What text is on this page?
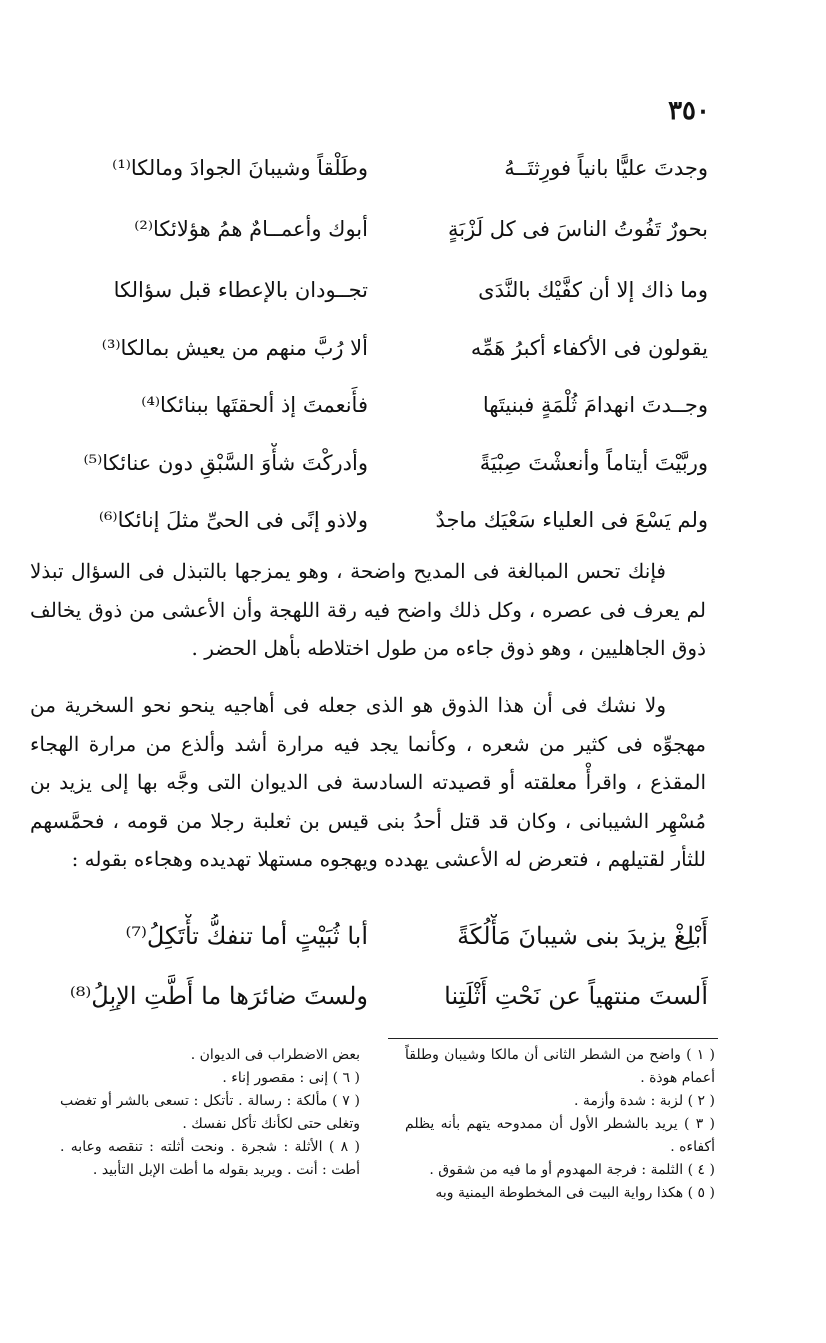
٣٥٠
وجدتَ عليًّا بانياً فورِثتَــهُ
وطَلْقاً وشيبانَ الجوادَ ومالكا⁽¹⁾
بحورٌ تَفُوتُ الناسَ فى كل لَزْبَةٍ
أبوك وأعمــامٌ همُ هؤلائكا⁽²⁾
وما ذاك إلا أن كفَّيْك بالنَّدَى
تجــودان بالإعطاء قبل سؤالكا
يقولون فى الأكفاء أكبرُ هَمِّه
ألا رُبَّ منهم من يعيش بمالكا⁽³⁾
وجــدتَ انهدامَ ثُلْمَةٍ فبنيتَها
فأَنعمتَ إذ ألحقتَها ببنائكا⁽⁴⁾
وربَّيْتَ أيتاماً وأنعشْتَ صِبْيَةً
وأدركْتَ شأْوَ السَّبْقِ دون عنائكا⁽⁵⁾
ولم يَسْعَ فى العلياء سَعْيَك ماجدٌ
ولاذو إنًى فى الحىِّ مثلَ إنائكا⁽⁶⁾

فإنك تحس المبالغة فى المديح واضحة ، وهو يمزجها بالتبذل فى السؤال تبذلا لم يعرف فى عصره ، وكل ذلك واضح فيه رقة اللهجة وأن الأعشى من ذوق يخالف ذوق الجاهليين ، وهو ذوق جاءه من طول اختلاطه بأهل الحضر .

ولا نشك فى أن هذا الذوق هو الذى جعله فى أهاجيه ينحو نحو السخرية من مهجوِّه فى كثير من شعره ، وكأنما يجد فيه مرارة أشد وألذع من مرارة الهجاء المقذع ، واقرأْ معلقته أو قصيدته السادسة فى الديوان التى وجَّه بها إلى يزيد بن مُسْهِر الشيبانى ، وكان قد قتل أحدُ بنى قيس بن ثعلبة رجلا من قومه ، فحمَّسهم للثأر لقتيلهم ، فتعرض له الأعشى يهدده ويهجوه مستهلا تهديده وهجاءه بقوله :

أَبْلِغْ يزيدَ بنى شيبانَ مَأْلُكَةً
أبا ثُبَيْتٍ أما تنفكُّ تأْتَكِلُ⁽⁷⁾
أَلستَ منتهياً عن نَحْتِ أَثْلَتِنا
ولستَ ضائرَها ما أَطَّتِ الإبِلُ⁽⁸⁾

( ١ ) واضح من الشطر الثانى أن مالكا وشيبان وطلقاً أعمام هوذة .

( ٢ ) لزبة : شدة وأزمة .

( ٣ ) يريد بالشطر الأول أن ممدوحه يتهم بأنه يظلم أكفاءه .

( ٤ ) الثلمة : فرجة المهدوم أو ما فيه من شقوق .

( ٥ ) هكذا رواية البيت فى المخطوطة اليمنية وبه

بعض الاضطراب فى الديوان .

( ٦ ) إنى : مقصور إناء .

( ٧ ) مألكة : رسالة . تأتكل : تسعى بالشر أو تغضب وتغلى حتى لكأنك تأكل نفسك .

( ٨ ) الأثلة : شجرة . ونحت أثلته : تنقصه وعابه . أطت : أنت . ويريد بقوله ما أطت الإبل التأبيد .
